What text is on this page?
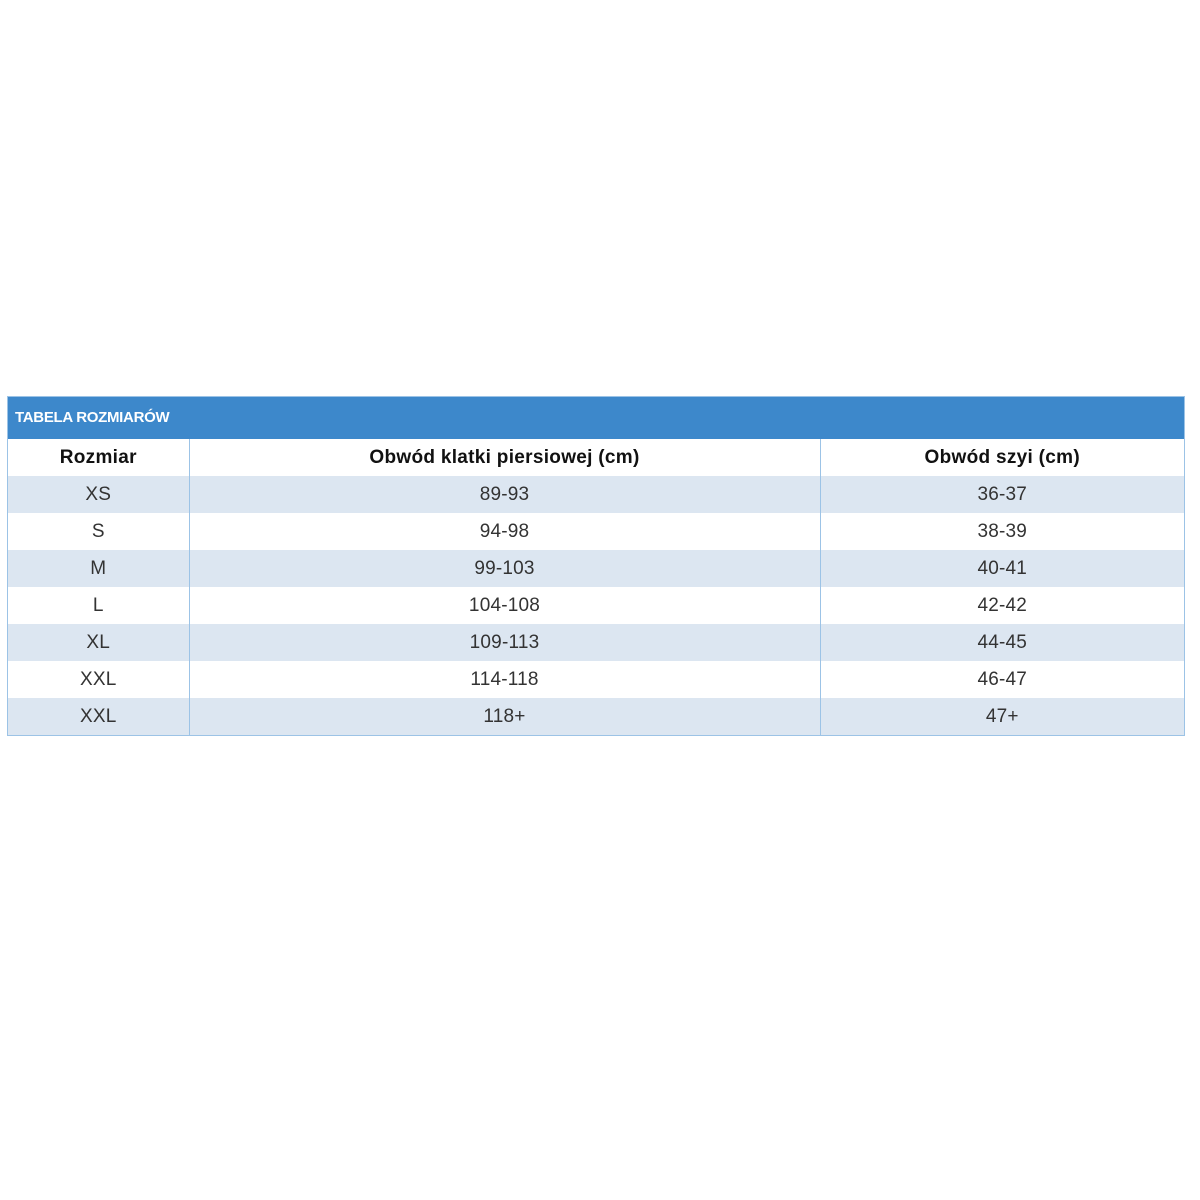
TABELA ROZMIARÓW
Rozmiar	Obwód klatki piersiowej (cm)	Obwód szyi (cm)
XS	89-93	36-37
S	94-98	38-39
M	99-103	40-41
L	104-108	42-42
XL	109-113	44-45
XXL	114-118	46-47
XXL	118+	47+
